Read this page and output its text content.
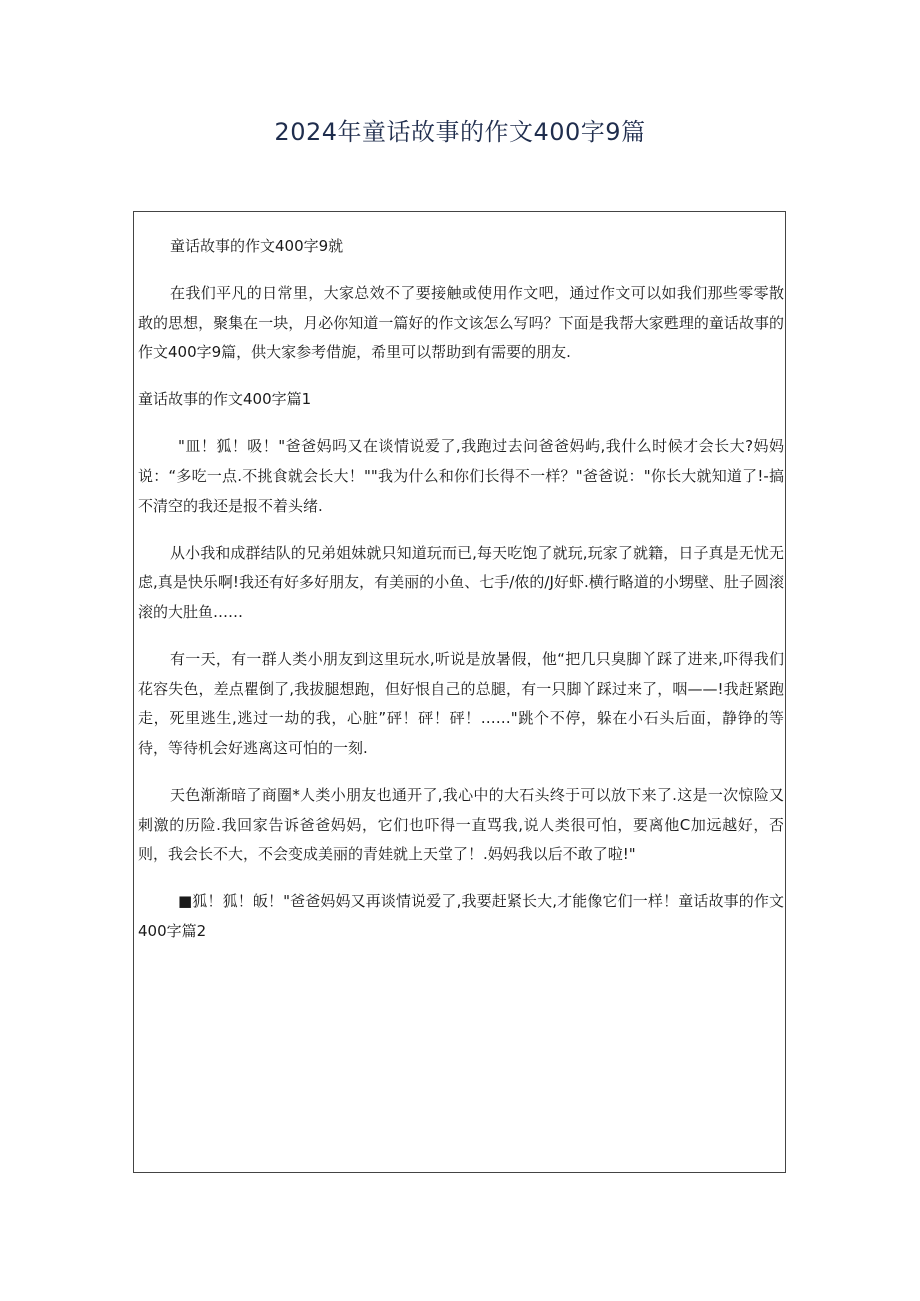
2024年童话故事的作文400字9篇

童话故事的作文400字9就

在我们平凡的日常里，大家总效不了要接触或使用作文吧，通过作文可以如我们那些零零散敢的思想，聚集在一块，月必你知道一篇好的作文该怎么写吗？下面是我帮大家甦理的童话故事的作文400字9篇，供大家参考借旎，希里可以帮助到有需要的朋友.

童话故事的作文400字篇1

"皿！狐！吸！"爸爸妈吗又在谈情说爱了,我跑过去问爸爸妈屿,我什么时候才会长大?妈妈说：“多吃一点.不挑食就会长大！""我为什么和你们长得不一样？"爸爸说："你长大就知道了!-搞不清空的我还是报不着头绪.

从小我和成群结队的兄弟姐妹就只知道玩而已,每天吃饱了就玩,玩家了就籍，日子真是无忧无虑,真是快乐啊!我还有好多好朋友，有美丽的小鱼、七手/侬的/J好虾.横行略道的小甥壁、肚子圆滚滚的大肚鱼……

有一天，有一群人类小朋友到这里玩水,听说是放暑假，他“把几只臭脚丫踩了进来,吓得我们花容失色，差点瞿倒了,我拔腿想跑，但好恨自己的总腿，有一只脚丫踩过来了，咽——!我赶紧跑走，死里逃生,逃过一劫的我，心脏”砰！砰！砰！……"跳个不停，躲在小石头后面，静铮的等待，等待机会好逃离这可怕的一刻.

天色渐渐暗了商圈*人类小朋友也通开了,我心中的大石头终于可以放下来了.这是一次惊险又刺激的历险.我回家告诉爸爸妈妈，它们也吓得一直骂我,说人类很可怕，要离他C加远越好，否则，我会长不大，不会变成美丽的青娃就上天堂了！.妈妈我以后不敢了啦!"

■狐！狐！皈！"爸爸妈妈又再谈情说爱了,我要赶紧长大,才能像它们一样！童话故事的作文400字篇2
